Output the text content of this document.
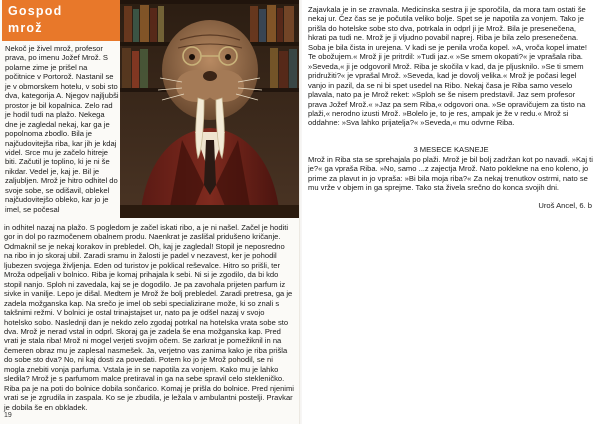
Gospod
mrož

Nekoč je živel mrož, profesor prava, po imenu Jožef Mrož. S polarne zime je prišel na počitnice v Portorož. Nastanil se je v obmorskem hotelu, v sobi sto dva, kategorija A. Njegov najljubši prostor je bil kopalnica. Zelo rad je hodil tudi na plažo. Nekega dne je zagledal nekaj, kar ga je popolnoma zbodlo. Bila je najčudovitejša riba, kar jih je kdaj videl. Srce mu je začelo hitreje biti. Začutil je toplino, ki je ni še nikdar. Vedel je, kaj je. Bil je zaljubljen. Mrož je hitro odhitel do svoje sobe, se odišavil, oblekel najčudovitejšo obleko, kar jo je imel, se počesal

in odhitel nazaj na plažo. S pogledom je začel iskati ribo, a je ni našel. Začel je hoditi gor in dol po razmočenem obalnem produ. Naenkrat je zaslišal pridušeno kričanje. Odmaknil se je nekaj korakov in prebledel. Oh, kaj je zagledal! Stopil je neposredno na ribo in jo skoraj ubil. Zaradi sramu in žalosti je padel v nezavest, ker je pohodil ljubezen svojega življenja. Eden od turistov je poklical reševalce. Hitro so prišli, ter Mroža odpeljali v bolnico. Riba je komaj prihajala k sebi. Ni si je zgodilo, da bi kdo stopil nanjo. Sploh ni zavedala, kaj se je dogodilo. Je pa zavohala prijeten parfum iz sivke in vanilje. Lepo je dišal. Medtem je Mrož že bolj prebledel. Zaradi pretresa, ga je zadela možganska kap. Na srečo je imel ob sebi specializirane može, ki so znali s takšnimi režmi. V bolnici je ostal trinajstajset ur, nato pa je odšel nazaj v svojo hotelsko sobo. Naslednji dan je nekdo zelo zgodaj potrkal na hotelska vrata sobe sto dva. Mrož je nerad vstal in odprl. Skoraj ga je zadela še ena možganska kap. Pred vrati je stala riba! Mrož ni mogel verjeti svojim očem. Se zarkrat je pomežiknil in na čemeren obraz mu je zaplesal nasmešek. Ja, verjetno vas zanima kako je riba prišla do sobe sto dva? No, ni kaj dosti za povedati. Potem ko jo je Mrož pohodil, se ni mogla znebiti vonja parfuma. Vstala je in se napotila za vonjem. Kako mu je lahko sledila? Mrož je s parfumom malce pretiraval in ga na sebe spravil celo stekleničko. Riba pa je na poti do bolnice dobila sončarico. Komaj je prišla do bolnice. Pred njenimi vrati se je zgrudila in zaspala. Ko se je zbudila, je ležala v ambulantni postelji. Pravkar je dobila še en obkladek.

19

Zajavkala je in se zravnala. Medicinska sestra ji je sporočila, da mora tam ostati še nekaj ur. Čez čas se je počutila veliko bolje. Spet se je napotila za vonjem. Tako je prišla do hotelske sobe sto dva, potrkala in odprl ji je Mrož. Bila je presenečena, hkrati pa tudi ne. Mrož je ji vljudno povabil naprej. Riba je bila zelo presenečena. Soba je bila čista in urejena. V kadi se je penila vroča kopel. »A, vroča kopel imate! Te obožujem.« Mrož ji je pritrdil: »Tudi jaz.« »Se smem okopati?« je vprašala riba. »Seveda,« ji je odgovoril Mrož. Riba je skočila v kad, da je pljusknilo. »Se ti smem pridružiti?« je vprašal Mrož. »Seveda, kad je dovolj velika.« Mrož je počasi legel vanjo in pazil, da se ni bi spet usedel na Ribo. Nekaj časa je Riba samo veselo plavala, nato pa je Mrož reket: »Sploh se še nisem predstavil. Jaz sem profesor prava Jožef Mrož.« »Jaz pa sem Riba,« odgovori ona. »Se opravičujem za tisto na plaži,« nerodno izusti Mrož. »Bolelo je, to je res, ampak je že v redu.« Mrož si oddahne: »Sva lahko prijatelja?« »Seveda,« mu odvrne Riba.

3 MESECE KASNEJE

Mrož in Riba sta se sprehajala po plaži. Mrož je bil bolj zadržan kot po navadi. »Kaj ti je?« ga vpraša Riba. »No, samo ...z zajectja Mrož. Nato poklekne na eno koleno, jo prime za plavut in jo vpraša: »Bi bila moja riba?« Za nekaj trenutkov ostrmi, nato se mu vrže v objem in ga sprejme. Tako sta živela srečno do konca svojih dni.

Uroš Ancel, 6. b
